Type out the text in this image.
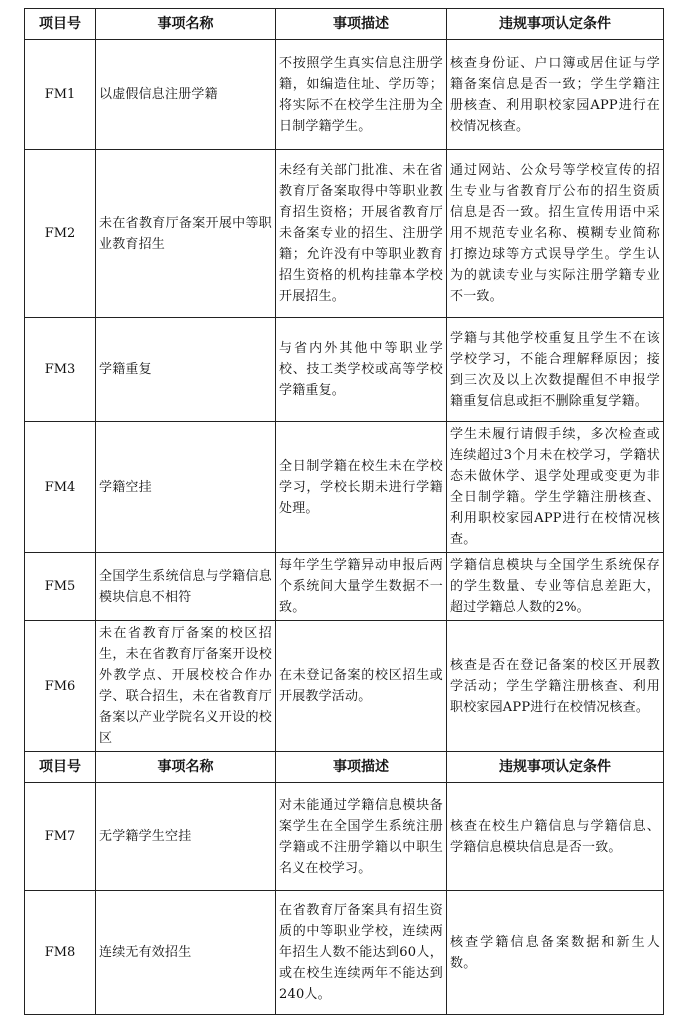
项目号	事项名称	事项描述	违规事项认定条件
FM1	以虚假信息注册学籍	不按照学生真实信息注册学籍，如编造住址、学历等；将实际不在校学生注册为全日制学籍学生。	核查身份证、户口簿或居住证与学籍备案信息是否一致；学生学籍注册核查、利用职校家园APP进行在校情况核查。
FM2	未在省教育厅备案开展中等职业教育招生	未经有关部门批准、未在省教育厅备案取得中等职业教育招生资格；开展省教育厅未备案专业的招生、注册学籍；允许没有中等职业教育招生资格的机构挂靠本学校开展招生。	通过网站、公众号等学校宣传的招生专业与省教育厅公布的招生资质信息是否一致。招生宣传用语中采用不规范专业名称、模糊专业简称打擦边球等方式误导学生。学生认为的就读专业与实际注册学籍专业不一致。
FM3	学籍重复	与省内外其他中等职业学校、技工类学校或高等学校学籍重复。	学籍与其他学校重复且学生不在该学校学习，不能合理解释原因；接到三次及以上次数提醒但不申报学籍重复信息或拒不删除重复学籍。
FM4	学籍空挂	全日制学籍在校生未在学校学习，学校长期未进行学籍处理。	学生未履行请假手续，多次检查或连续超过3个月未在校学习，学籍状态未做休学、退学处理或变更为非全日制学籍。学生学籍注册核查、利用职校家园APP进行在校情况核查。
FM5	全国学生系统信息与学籍信息模块信息不相符	每年学生学籍异动申报后两个系统间大量学生数据不一致。	学籍信息模块与全国学生系统保存的学生数量、专业等信息差距大，超过学籍总人数的2%。
FM6	未在省教育厅备案的校区招生，未在省教育厅备案开设校外教学点、开展校校合作办学、联合招生，未在省教育厅备案以产业学院名义开设的校区	在未登记备案的校区招生或开展教学活动。	核查是否在登记备案的校区开展教学活动；学生学籍注册核查、利用职校家园APP进行在校情况核查。
项目号	事项名称	事项描述	违规事项认定条件
FM7	无学籍学生空挂	对未能通过学籍信息模块备案学生在全国学生系统注册学籍或不注册学籍以中职生名义在校学习。	核查在校生户籍信息与学籍信息、学籍信息模块信息是否一致。
FM8	连续无有效招生	在省教育厅备案具有招生资质的中等职业学校，连续两年招生人数不能达到60人，或在校生连续两年不能达到240人。	核查学籍信息备案数据和新生人数。
